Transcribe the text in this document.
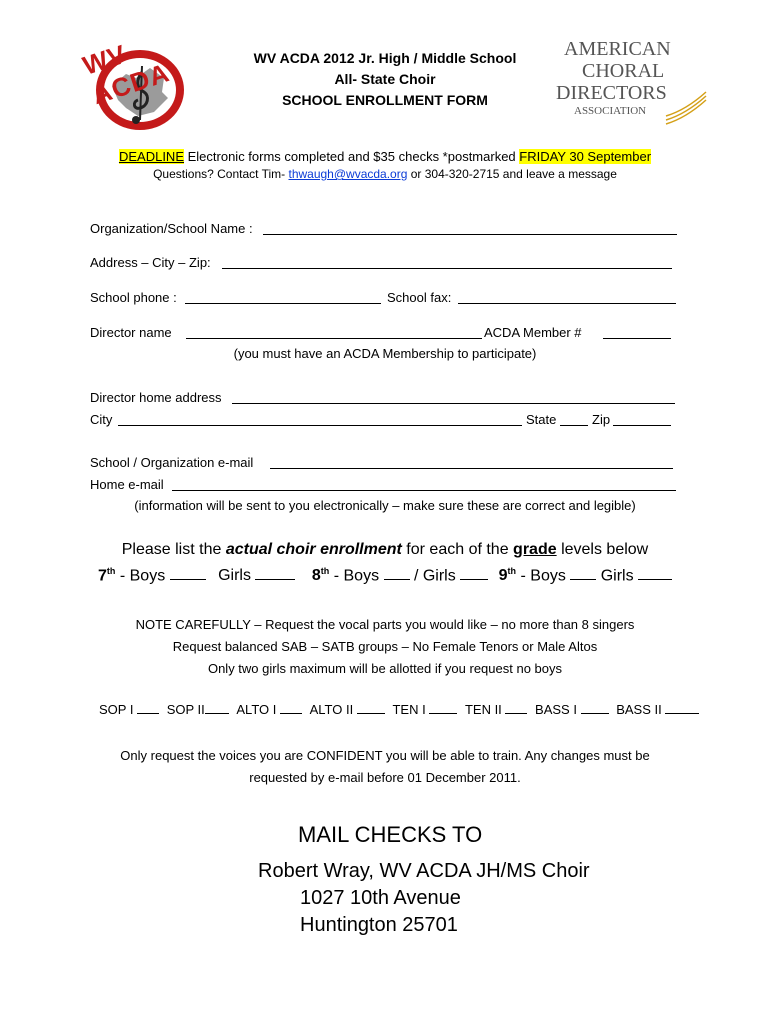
WV ACDA	WV ACDA 2012 Jr. High / Middle School
All- State Choir
SCHOOL ENROLLMENT FORM
AMERICAN
CHORAL
DIRECTORS
ASSOCIATION
DEADLINE Electronic forms completed and $35 checks *postmarked FRIDAY 30 September
Questions? Contact Tim- thwaugh@wvacda.org or 304-320-2715 and leave a message
Organization/School Name :
Address – City – Zip:
School phone :	School fax:
Director name	ACDA Member #
(you must have an ACDA Membership to participate)
Director home address
City	State	Zip
School / Organization e-mail
Home e-mail
(information will be sent to you electronically – make sure these are correct and legible)
Please list the actual choir enrollment for each of the grade levels below
7th - Boys	Girls	8th - Boys  / Girls  9th - Boys  Girls
NOTE CAREFULLY – Request the vocal parts you would like – no more than 8 singers
Request balanced SAB – SATB groups – No Female Tenors or Male Altos
Only two girls maximum will be allotted if you request no boys
SOP I	SOP II ALTO I	ALTO II	TEN I	TEN II	BASS I	BASS II
Only request the voices you are CONFIDENT you will be able to train. Any changes must be
requested by e-mail before 01 December 2011.
MAIL CHECKS TO
Robert Wray, WV ACDA JH/MS Choir
1027 10th Avenue
Huntington 25701
